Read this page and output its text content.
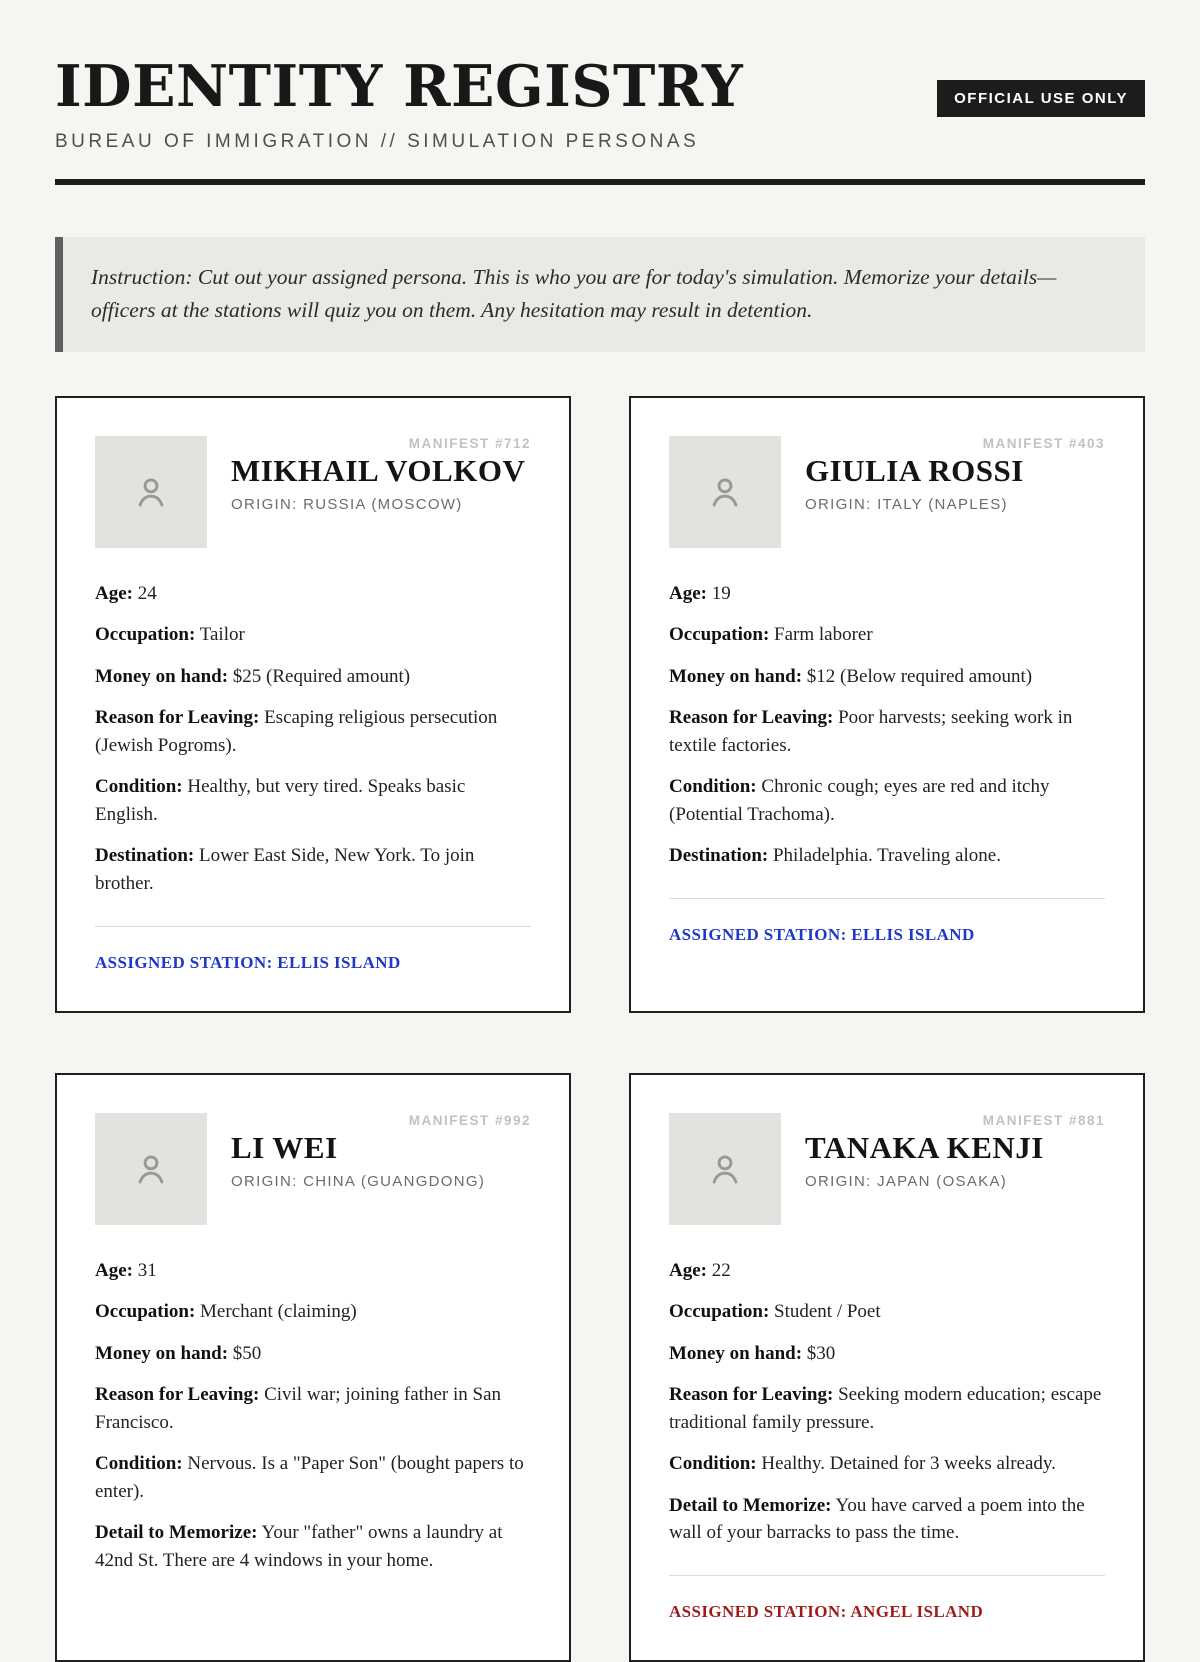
IDENTITY REGISTRY	OFFICIAL USE ONLY
BUREAU OF IMMIGRATION // SIMULATION PERSONAS
Instruction: Cut out your assigned persona. This is who you are for today's simulation. Memorize your details—officers at the stations will quiz you on them. Any hesitation may result in detention.
MANIFEST #712
MIKHAIL VOLKOV
ORIGIN: RUSSIA (MOSCOW)

Age: 24

Occupation: Tailor

Money on hand: $25 (Required amount)

Reason for Leaving: Escaping religious persecution (Jewish Pogroms).

Condition: Healthy, but very tired. Speaks basic English.

Destination: Lower East Side, New York. To join brother.

ASSIGNED STATION: ELLIS ISLAND
MANIFEST #403
GIULIA ROSSI
ORIGIN: ITALY (NAPLES)

Age: 19

Occupation: Farm laborer

Money on hand: $12 (Below required amount)

Reason for Leaving: Poor harvests; seeking work in textile factories.

Condition: Chronic cough; eyes are red and itchy (Potential Trachoma).

Destination: Philadelphia. Traveling alone.

ASSIGNED STATION: ELLIS ISLAND
MANIFEST #992
LI WEI
ORIGIN: CHINA (GUANGDONG)

Age: 31

Occupation: Merchant (claiming)

Money on hand: $50

Reason for Leaving: Civil war; joining father in San Francisco.

Condition: Nervous. Is a "Paper Son" (bought papers to enter).

Detail to Memorize: Your "father" owns a laundry at 42nd St. There are 4 windows in your home.

MANIFEST #881
TANAKA KENJI
ORIGIN: JAPAN (OSAKA)

Age: 22

Occupation: Student / Poet

Money on hand: $30

Reason for Leaving: Seeking modern education; escape traditional family pressure.

Condition: Healthy. Detained for 3 weeks already.

Detail to Memorize: You have carved a poem into the wall of your barracks to pass the time.

ASSIGNED STATION: ANGEL ISLAND
